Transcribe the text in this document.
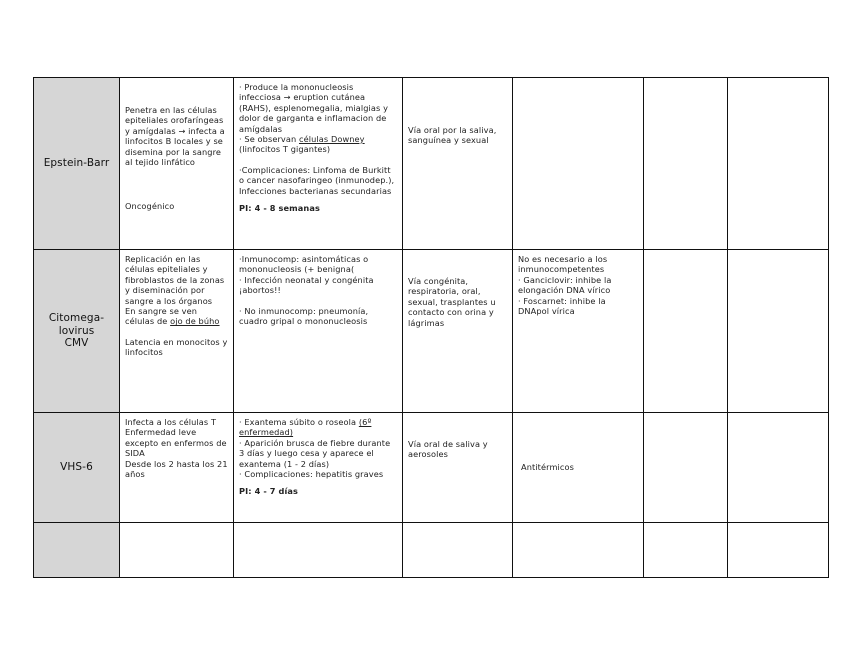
Epstein-Barr	Penetra en las células epiteliales orofaríngeas y amígdalas → infecta a linfocitos B locales y se disemina por la sangre al tejido linfático
Oncogénico	· Produce la mononucleosis infecciosa → eruption cutánea (RAHS), esplenomegalia, mialgias y dolor de garganta e inflamacion de amígdalas
· Se observan células Downey (linfocitos T gigantes)
·Complicaciones: Linfoma de Burkitt o cancer nasofaringeo (inmunodep.), Infecciones bacterianas secundarias
PI: 4 - 8 semanas	Vía oral por la saliva, sanguínea y sexual			

Citomega-
lovirus
CMV	Replicación en las células epiteliales y fibroblastos de la zonas y diseminación por sangre a los órganos
En sangre se ven células de ojo de búho
Latencia en monocitos y linfocitos	·Inmunocomp: asintomáticas o mononucleosis (+ benigna(
· Infección neonatal y congénita ¡abortos!!
· No inmunocomp: pneumonía, cuadro gripal o mononucleosis	Vía congénita, respiratoria, oral, sexual, trasplantes u contacto con orina y lágrimas	No es necesario a los inmunocompetentes
· Ganciclovir: inhibe la elongación DNA vírico
· Foscarnet: inhibe la DNApol vírica		

VHS-6	Infecta a los células T
Enfermedad leve excepto en enfermos de SIDA
Desde los 2 hasta los 21 años	· Exantema súbito o roseola (6º enfermedad)
· Aparición brusca de fiebre durante 3 días y luego cesa y aparece el exantema (1 - 2 días)
· Complicaciones: hepatitis graves
PI: 4 - 7 días	Vía oral de saliva y aerosoles	Antitérmicos		
